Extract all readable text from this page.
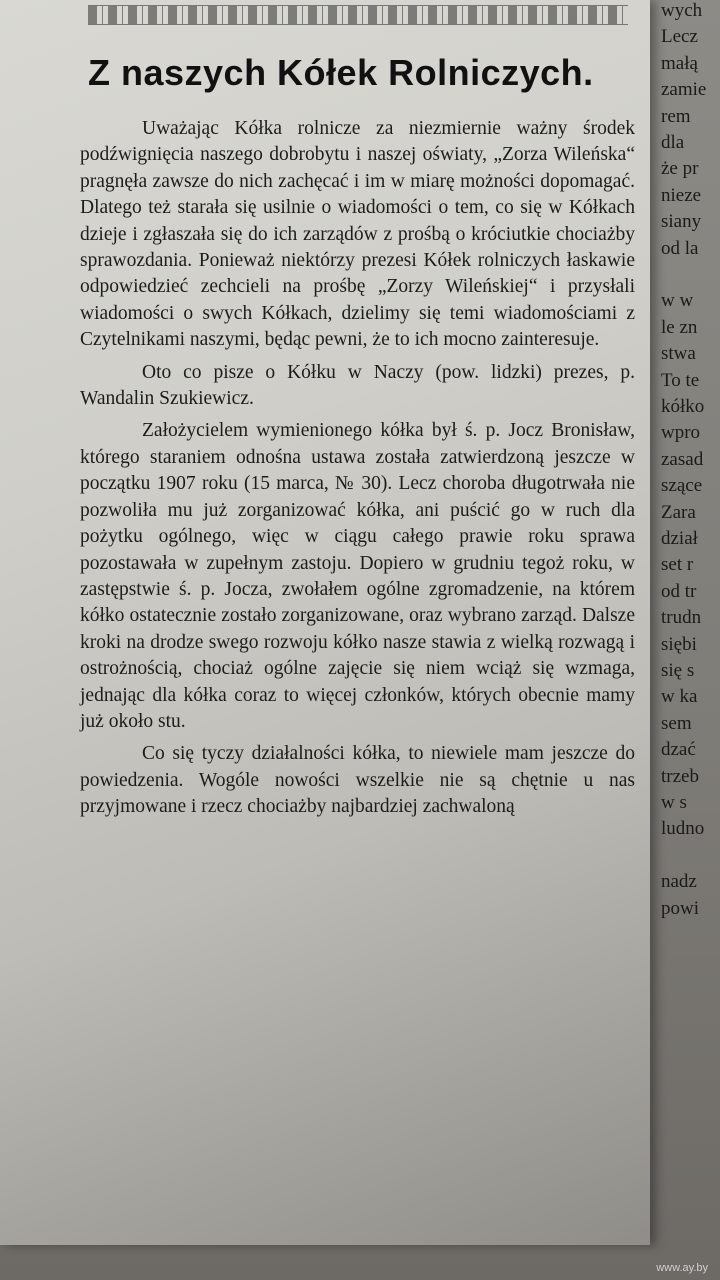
Z naszych Kółek Rolniczych.

Uważając Kółka rolnicze za niezmiernie ważny środek podźwignięcia naszego dobrobytu i naszej oświaty, „Zorza Wileńska“ pragnęła zawsze do nich zachęcać i im w miarę możności dopomagać. Dlatego też starała się usilnie o wiadomości o tem, co się w Kółkach dzieje i zgłaszała się do ich zarządów z prośbą o króciutkie chociażby sprawozdania. Ponieważ niektórzy prezesi Kółek rolniczych łaskawie odpowiedzieć zechcieli na prośbę „Zorzy Wileńskiej“ i przysłali wiadomości o swych Kółkach, dzielimy się temi wiadomościami z Czytelnikami naszymi, będąc pewni, że to ich mocno zainteresuje.

Oto co pisze o Kółku w Naczy (pow. lidzki) prezes, p. Wandalin Szukiewicz.

Założycielem wymienionego kółka był ś. p. Jocz Bronisław, którego staraniem odnośna ustawa została zatwierdzoną jeszcze w początku 1907 roku (15 marca, № 30). Lecz choroba długotrwała nie pozwoliła mu już zorganizować kółka, ani puścić go w ruch dla pożytku ogólnego, więc w ciągu całego prawie roku sprawa pozostawała w zupełnym zastoju. Dopiero w grudniu tegoż roku, w zastępstwie ś. p. Jocza, zwołałem ogólne zgromadzenie, na którem kółko ostatecznie zostało zorganizowane, oraz wybrano zarząd. Dalsze kroki na drodze swego rozwoju kółko nasze stawia z wielką rozwagą i ostrożnością, chociaż ogólne zajęcie się niem wciąż się wzmaga, jednając dla kółka coraz to więcej członków, których obecnie mamy już około stu.

Co się tyczy działalności kółka, to niewiele mam jeszcze do powiedzenia. Wogóle nowości wszelkie nie są chętnie u nas przyjmowane i rzecz chociażby najbardziej zachwaloną

wych
Lecz
małą
zamie
rem
dla
że pr
nieze
siany
od la
w w
le zn
stwa
To te
kółko
wpro
zasad
szące
Zara
dział
set r
od tr
trudn
siębi
się s
w ka
sem
dzać
trzeb
w s
ludno
nadz
powi
www.ay.by
